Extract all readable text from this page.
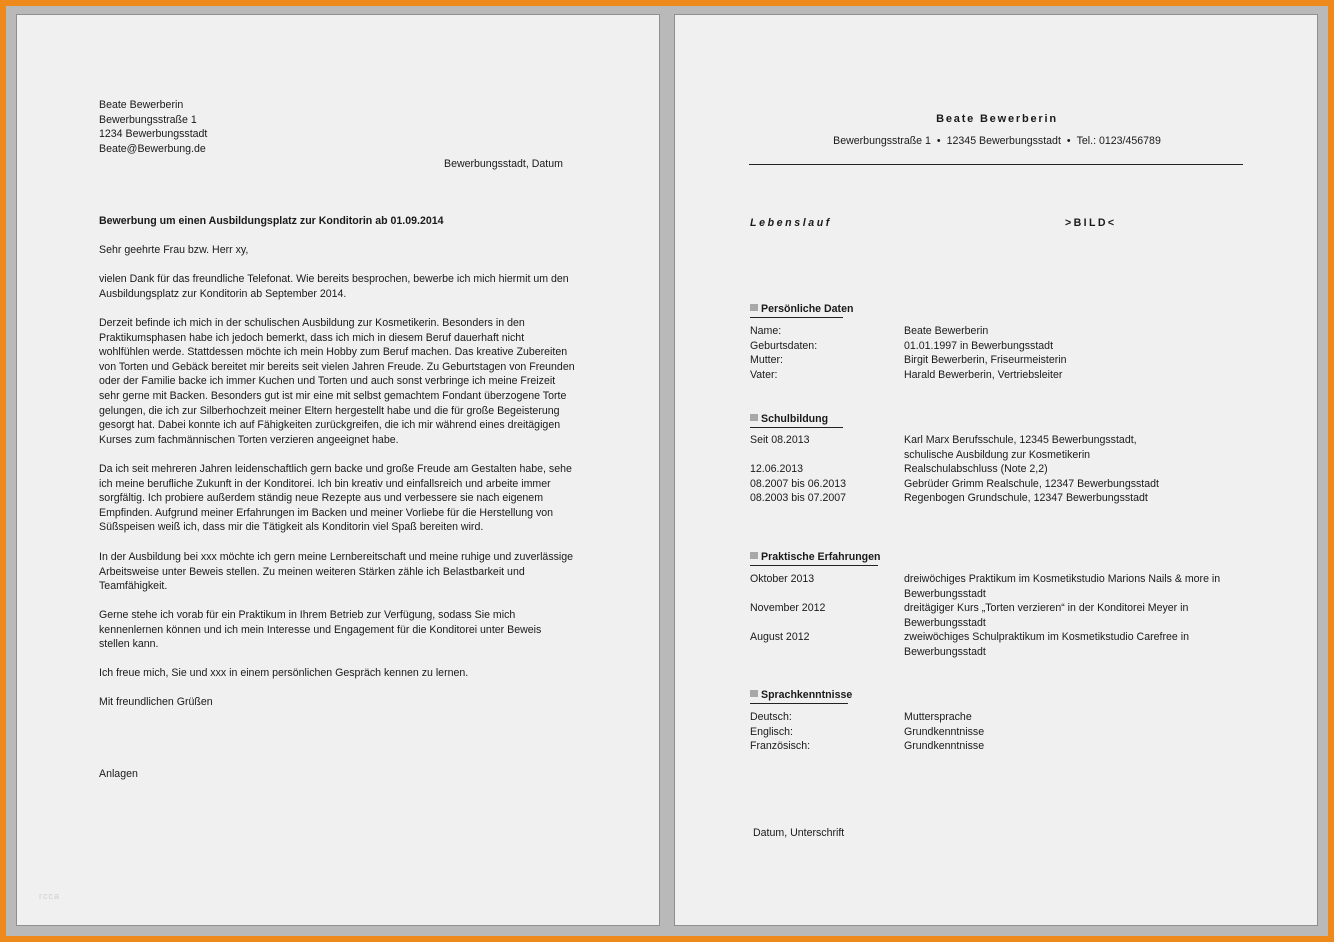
Beate Bewerberin
Bewerbungsstraße 1
1234 Bewerbungsstadt
Beate@Bewerbung.de
Bewerbungsstadt, Datum
Bewerbung um einen Ausbildungsplatz zur Konditorin ab 01.09.2014
Sehr geehrte Frau bzw. Herr xy,
vielen Dank für das freundliche Telefonat. Wie bereits besprochen, bewerbe ich mich hiermit um den
Ausbildungsplatz zur Konditorin ab September 2014.
Derzeit befinde ich mich in der schulischen Ausbildung zur Kosmetikerin. Besonders in den
Praktikumsphasen habe ich jedoch bemerkt, dass ich mich in diesem Beruf dauerhaft nicht
wohlfühlen werde. Stattdessen möchte ich mein Hobby zum Beruf machen. Das kreative Zubereiten
von Torten und Gebäck bereitet mir bereits seit vielen Jahren Freude. Zu Geburtstagen von Freunden
oder der Familie backe ich immer Kuchen und Torten und auch sonst verbringe ich meine Freizeit
sehr gerne mit Backen. Besonders gut ist mir eine mit selbst gemachtem Fondant überzogene Torte
gelungen, die ich zur Silberhochzeit meiner Eltern hergestellt habe und die für große Begeisterung
gesorgt hat. Dabei konnte ich auf Fähigkeiten zurückgreifen, die ich mir während eines dreitägigen
Kurses zum fachmännischen Torten verzieren angeeignet habe.
Da ich seit mehreren Jahren leidenschaftlich gern backe und große Freude am Gestalten habe, sehe
ich meine berufliche Zukunft in der Konditorei. Ich bin kreativ und einfallsreich und arbeite immer
sorgfältig. Ich probiere außerdem ständig neue Rezepte aus und verbessere sie nach eigenem
Empfinden. Aufgrund meiner Erfahrungen im Backen und meiner Vorliebe für die Herstellung von
Süßspeisen weiß ich, dass mir die Tätigkeit als Konditorin viel Spaß bereiten wird.
In der Ausbildung bei xxx möchte ich gern meine Lernbereitschaft und meine ruhige und zuverlässige
Arbeitsweise unter Beweis stellen. Zu meinen weiteren Stärken zähle ich Belastbarkeit und
Teamfähigkeit.
Gerne stehe ich vorab für ein Praktikum in Ihrem Betrieb zur Verfügung, sodass Sie mich
kennenlernen können und ich mein Interesse und Engagement für die Konditorei unter Beweis
stellen kann.
Ich freue mich, Sie und xxx in einem persönlichen Gespräch kennen zu lernen.
Mit freundlichen Grüßen
Anlagen
rcca
Beate Bewerberin
Bewerbungsstraße 1 • 12345 Bewerbungsstadt • Tel.: 0123/456789
Lebenslauf	>BILD<
Persönliche Daten
Name:	Beate Bewerberin
Geburtsdaten:	01.01.1997 in Bewerbungsstadt
Mutter:	Birgit Bewerberin, Friseurmeisterin
Vater:	Harald Bewerberin, Vertriebsleiter
Schulbildung
Seit 08.2013	Karl Marx Berufsschule, 12345 Bewerbungsstadt,
schulische Ausbildung zur Kosmetikerin
12.06.2013	Realschulabschluss (Note 2,2)
08.2007 bis 06.2013	Gebrüder Grimm Realschule, 12347 Bewerbungsstadt
08.2003 bis 07.2007	Regenbogen Grundschule, 12347 Bewerbungsstadt
Praktische Erfahrungen
Oktober 2013	dreiwöchiges Praktikum im Kosmetikstudio Marions Nails & more in
Bewerbungsstadt
November 2012	dreitägiger Kurs „Torten verzieren“ in der Konditorei Meyer in
Bewerbungsstadt
August 2012	zweiwöchiges Schulpraktikum im Kosmetikstudio Carefree in
Bewerbungsstadt
Sprachkenntnisse
Deutsch:	Muttersprache
Englisch:	Grundkenntnisse
Französisch:	Grundkenntnisse
Datum, Unterschrift
